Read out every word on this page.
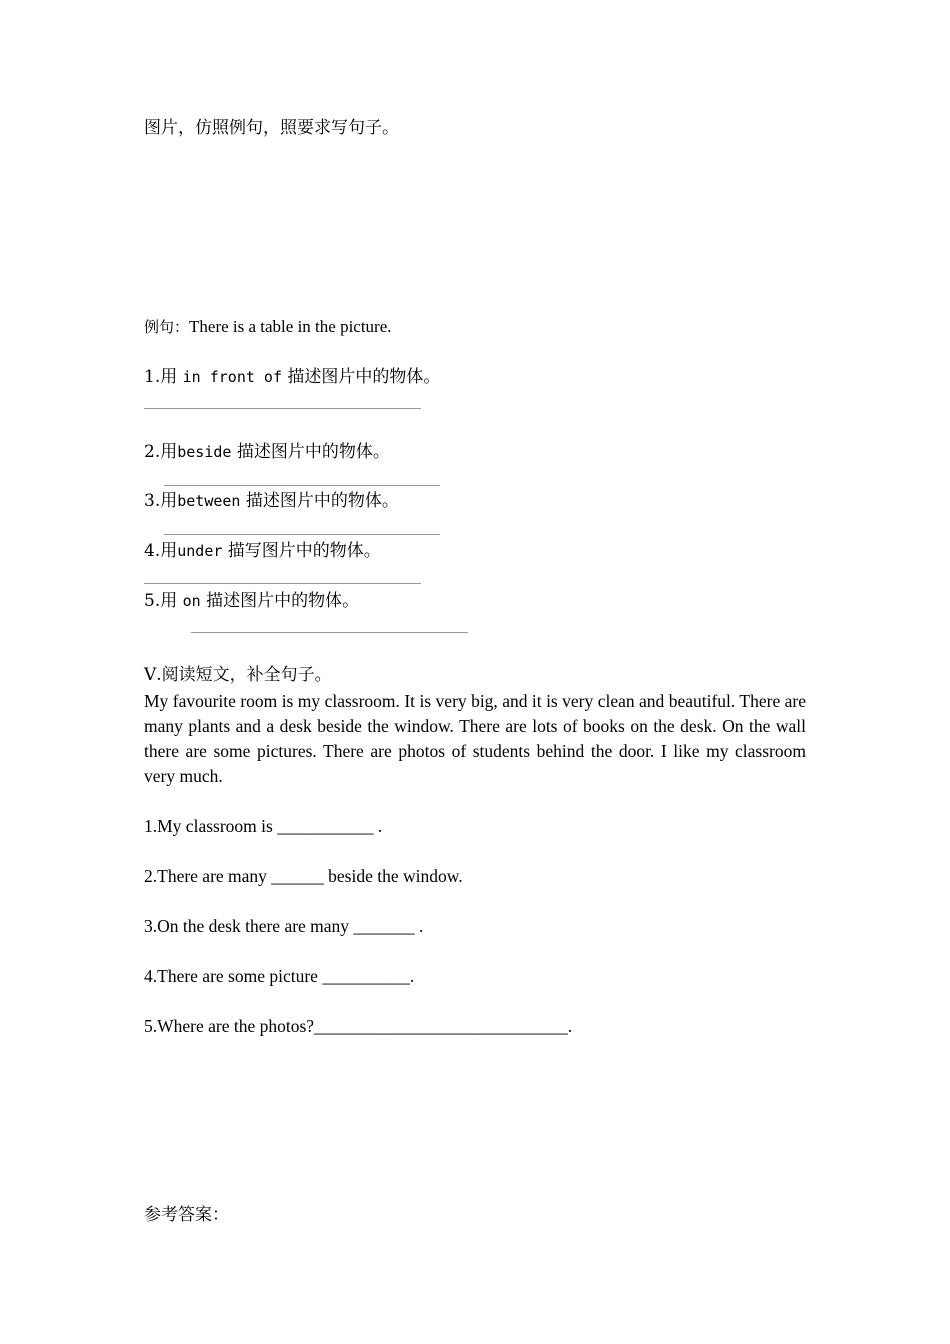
图片，仿照例句，照要求写句子。
例句：There is a table in the picture.
1.用 in front of 描述图片中的物体。
2.用beside 描述图片中的物体。
3.用between 描述图片中的物体。
4.用under 描写图片中的物体。
5.用 on 描述图片中的物体。
Ⅴ.阅读短文，补全句子。
My favourite room is my classroom. It is very big, and it is very clean and beautiful. There are many plants and a desk beside the window. There are lots of books on the desk. On the wall there are some pictures. There are photos of students behind the door. I like my classroom very much.
1.My classroom is ___________ .
2.There are many ______ beside the window.
3.On the desk there are many _______ .
4.There are some picture __________.
5.Where are the photos?_____________________________.
参考答案：
